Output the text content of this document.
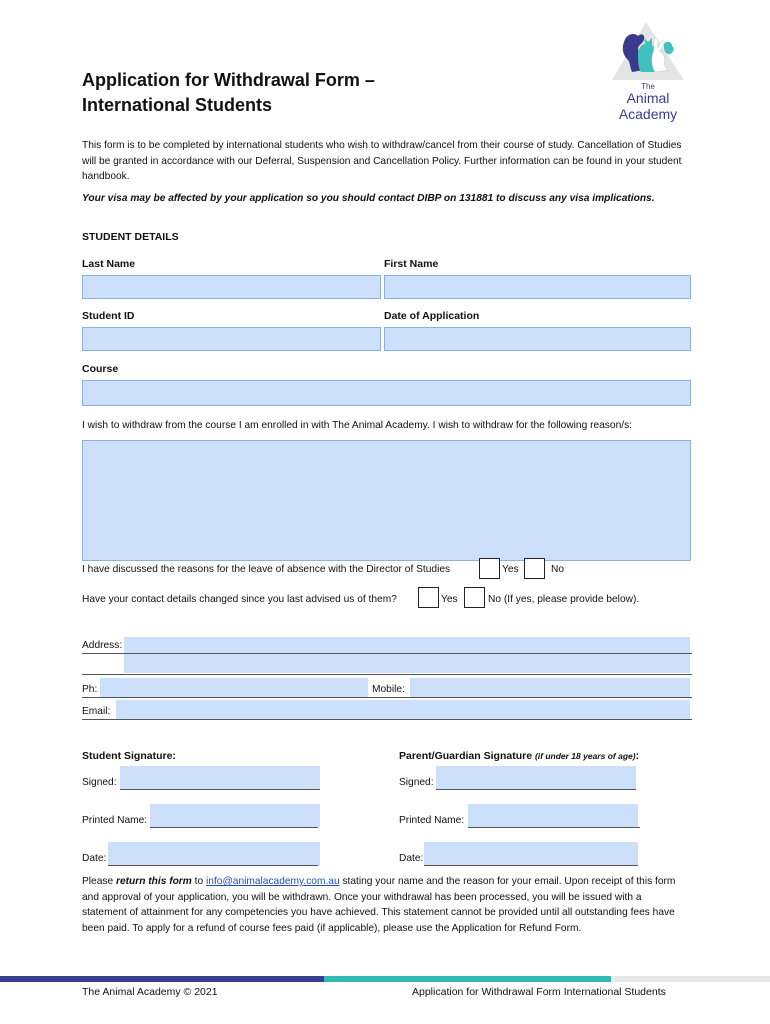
The
Animal
Academy
Application for Withdrawal Form –
International Students
This form is to be completed by international students who wish to withdraw/cancel from their course of study. Cancellation of Studies will be granted in accordance with our Deferral, Suspension and Cancellation Policy. Further information can be found in your student handbook.
Your visa may be affected by your application so you should contact DIBP on 131881 to discuss any visa implications.
STUDENT DETAILS
Last Name	First Name
Student ID	Date of Application
Course
I wish to withdraw from the course I am enrolled in with The Animal Academy. I wish to withdraw for the following reason/s:
I have discussed the reasons for the leave of absence with the Director of Studies	Yes	No
Have your contact details changed since you last advised us of them?	Yes	No (If yes, please provide below).
Address:
Ph:	Mobile:
Email:
Student Signature:	Parent/Guardian Signature (if under 18 years of age):
Signed:	Signed:
Printed Name:	Printed Name:
Date:	Date:
Please return this form to info@animalacademy.com.au stating your name and the reason for your email. Upon receipt of this form and approval of your application, you will be withdrawn. Once your withdrawal has been processed, you will be issued with a statement of attainment for any competencies you have achieved. This statement cannot be provided until all outstanding fees have been paid. To apply for a refund of course fees paid (if applicable), please use the Application for Refund Form.
The Animal Academy © 2021	Application for Withdrawal Form International Students
